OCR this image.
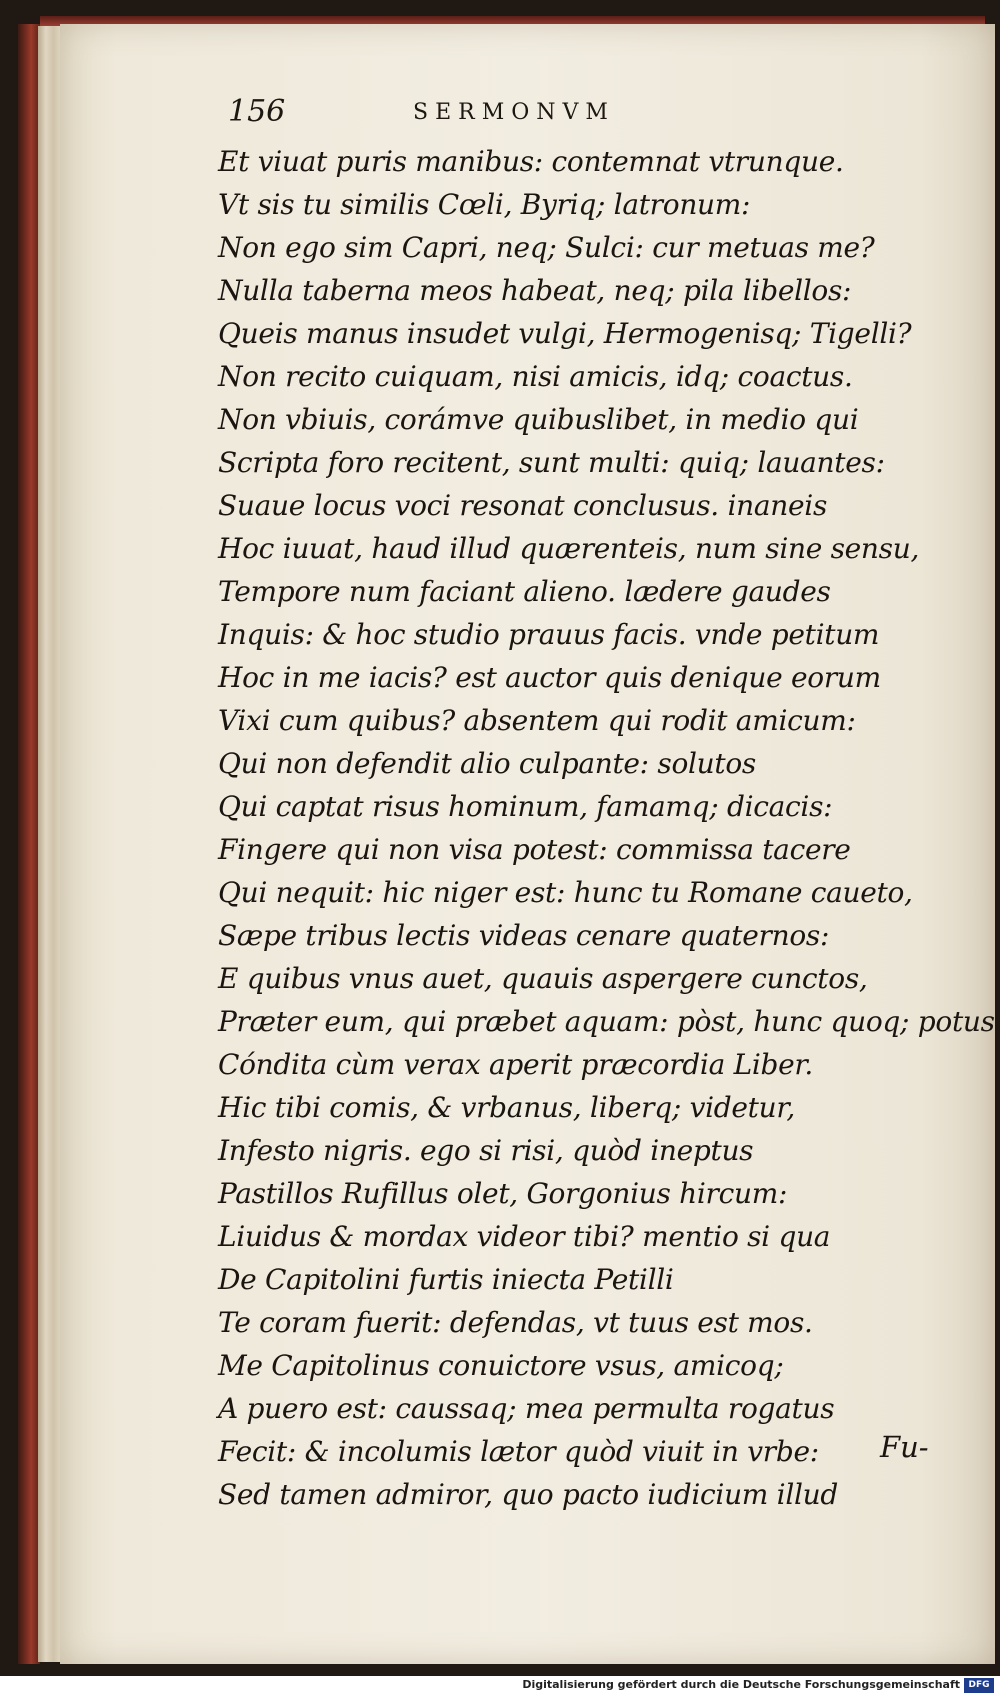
156	SERMONVM
Et viuat puris manibus: contemnat vtrunque.
Vt sis tu similis Cœli, Byriq; latronum:
Non ego sim Capri, neq; Sulci: cur metuas me?
Nulla taberna meos habeat, neq; pila libellos:
Queis manus insudet vulgi, Hermogenisq; Tigelli?
Non recito cuiquam, nisi amicis, idq; coactus.
Non vbiuis, corámve quibuslibet, in medio qui
Scripta foro recitent, sunt multi: quiq; lauantes:
Suaue locus voci resonat conclusus. inaneis
Hoc iuuat, haud illud quærenteis, num sine sensu,
Tempore num faciant alieno. lædere gaudes
Inquis: & hoc studio prauus facis. vnde petitum
Hoc in me iacis? est auctor quis denique eorum
Vixi cum quibus? absentem qui rodit amicum:
Qui non defendit alio culpante: solutos
Qui captat risus hominum, famamq; dicacis:
Fingere qui non visa potest: commissa tacere
Qui nequit: hic niger est: hunc tu Romane caueto,
Sæpe tribus lectis videas cenare quaternos:
E quibus vnus auet, quauis aspergere cunctos,
Præter eum, qui præbet aquam: pòst, hunc quoq; potus
Cóndita cùm verax aperit præcordia Liber.
Hic tibi comis, & vrbanus, liberq; videtur,
Infesto nigris. ego si risi, quòd ineptus
Pastillos Rufillus olet, Gorgonius hircum:
Liuidus & mordax videor tibi? mentio si qua
De Capitolini furtis iniecta Petilli
Te coram fuerit: defendas, vt tuus est mos.
Me Capitolinus conuictore vsus, amicoq;
A puero est: caussaq; mea permulta rogatus
Fecit: & incolumis lætor quòd viuit in vrbe:
Sed tamen admiror, quo pacto iudicium illud
Fu-
Digitalisierung gefördert durch die Deutsche Forschungsgemeinschaft DFG
